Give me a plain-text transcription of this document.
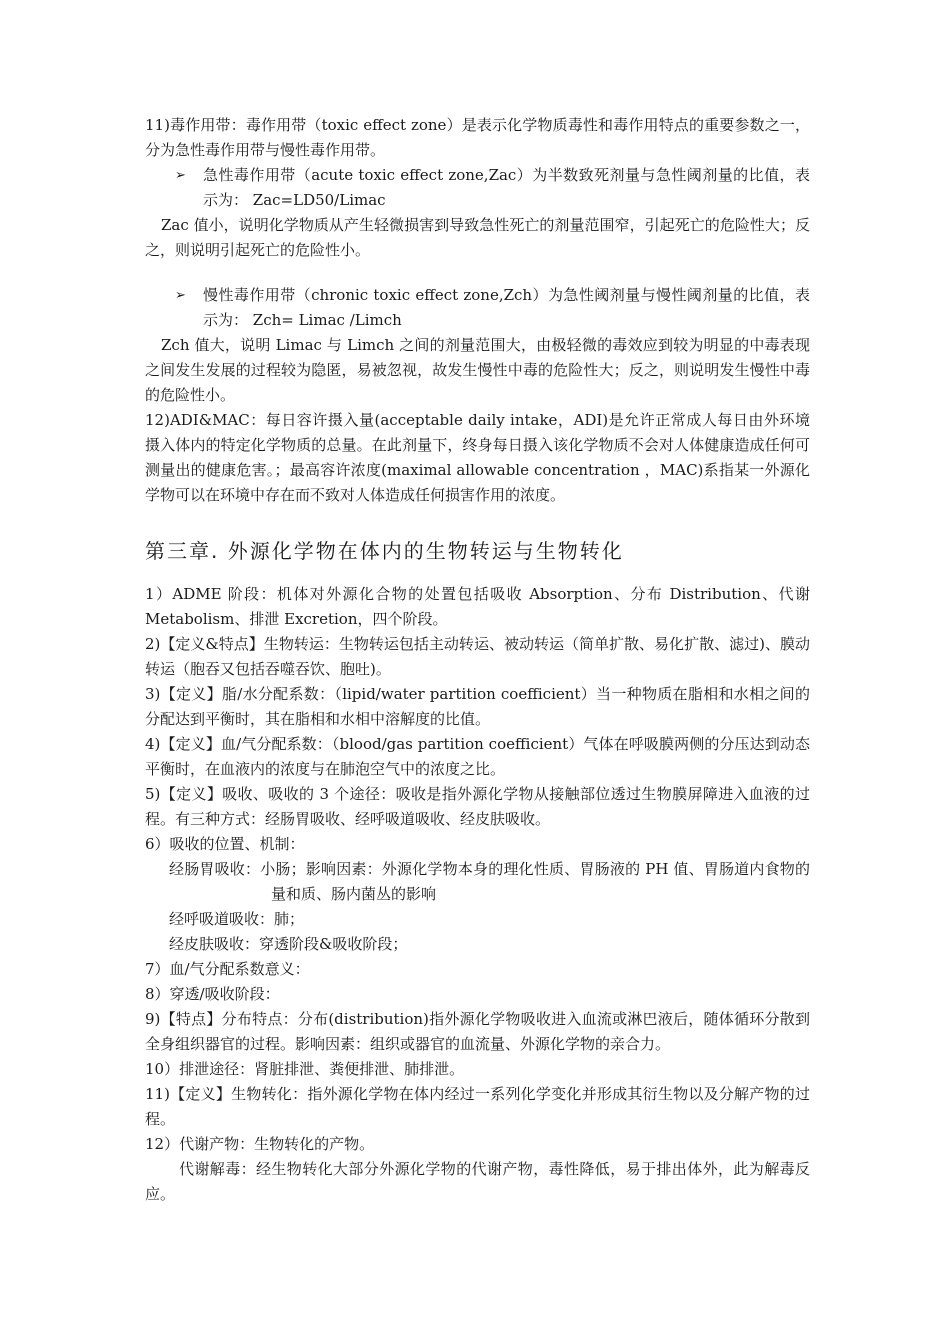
11)毒作用带：毒作用带（toxic effect zone）是表示化学物质毒性和毒作用特点的重要参数之一，分为急性毒作用带与慢性毒作用带。

➢ 急性毒作用带（acute toxic effect zone,Zac）为半数致死剂量与急性阈剂量的比值，表示为： Zac=LD50/Limac

Zac 值小，说明化学物质从产生轻微损害到导致急性死亡的剂量范围窄，引起死亡的危险性大；反之，则说明引起死亡的危险性小。

➢ 慢性毒作用带（chronic toxic effect zone,Zch）为急性阈剂量与慢性阈剂量的比值，表示为： Zch= Limac /Limch

Zch 值大，说明 Limac 与 Limch 之间的剂量范围大，由极轻微的毒效应到较为明显的中毒表现之间发生发展的过程较为隐匿，易被忽视，故发生慢性中毒的危险性大；反之，则说明发生慢性中毒的危险性小。

12)ADI&MAC：每日容许摄入量(acceptable daily intake，ADI)是允许正常成人每日由外环境摄入体内的特定化学物质的总量。在此剂量下，终身每日摄入该化学物质不会对人体健康造成任何可测量出的健康危害。；最高容许浓度(maximal allowable concentration ，MAC)系指某一外源化学物可以在环境中存在而不致对人体造成任何损害作用的浓度。

第三章. 外源化学物在体内的生物转运与生物转化

1）ADME 阶段：机体对外源化合物的处置包括吸收 Absorption、分布 Distribution、代谢 Metabolism、排泄 Excretion，四个阶段。

2)【定义&特点】生物转运：生物转运包括主动转运、被动转运（简单扩散、易化扩散、滤过)、膜动转运（胞吞又包括吞噬吞饮、胞吐)。

3)【定义】脂/水分配系数：（lipid/water partition coefficient）当一种物质在脂相和水相之间的分配达到平衡时，其在脂相和水相中溶解度的比值。

4)【定义】血/气分配系数：（blood/gas partition coefficient）气体在呼吸膜两侧的分压达到动态平衡时，在血液内的浓度与在肺泡空气中的浓度之比。

5)【定义】吸收、吸收的 3 个途径：吸收是指外源化学物从接触部位透过生物膜屏障进入血液的过程。有三种方式：经肠胃吸收、经呼吸道吸收、经皮肤吸收。

6）吸收的位置、机制：

经肠胃吸收：小肠；影响因素：外源化学物本身的理化性质、胃肠液的 PH 值、胃肠道内食物的量和质、肠内菌丛的影响

经呼吸道吸收：肺；

经皮肤吸收：穿透阶段&吸收阶段；

7）血/气分配系数意义：

8）穿透/吸收阶段：

9)【特点】分布特点：分布(distribution)指外源化学物吸收进入血流或淋巴液后，随体循环分散到全身组织器官的过程。影响因素：组织或器官的血流量、外源化学物的亲合力。

10）排泄途径：肾脏排泄、粪便排泄、肺排泄。

11)【定义】生物转化：指外源化学物在体内经过一系列化学变化并形成其衍生物以及分解产物的过程。

12）代谢产物：生物转化的产物。

代谢解毒：经生物转化大部分外源化学物的代谢产物，毒性降低，易于排出体外，此为解毒反应。
